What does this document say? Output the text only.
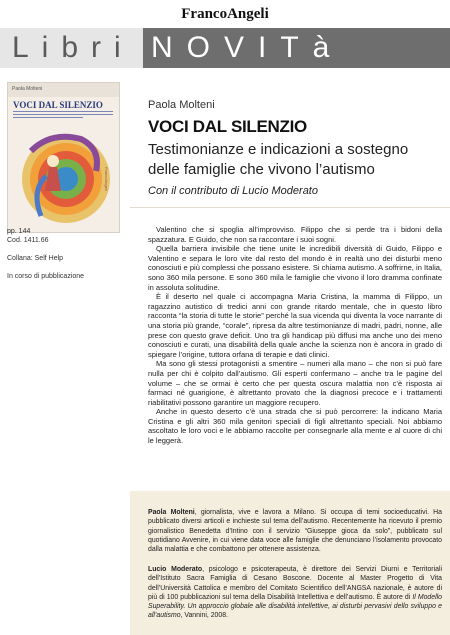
FrancoAngeli
Libri NOVITà
Paola Molteni
VOCI DAL SILENZIO
FrancoAngeli
Paola Molteni
VOCI DAL SILENZIO
Testimonianze e indicazioni a sostegno delle famiglie che vivono l’autismo
Con il contributo di Lucio Moderato
pp. 144
Cod. 1411.66
Collana: Self Help
In corso di pubblicazione

Valentino che si spoglia all’improvviso. Filippo che si perde tra i bidoni della spazzatura. E Guido, che non sa raccontare i suoi sogni.

Quella barriera invisibile che tiene unite le incredibili diversità di Guido, Filippo e Valentino e separa le loro vite dal resto del mondo è in realtà uno dei disturbi meno conosciuti e più complessi che possano esistere. Si chiama autismo. A soffrirne, in Italia, sono 360 mila persone. E sono 360 mila le famiglie che vivono il loro dramma confinate in assoluta solitudine.

È il deserto nel quale ci accompagna Maria Cristina, la mamma di Filippo, un ragazzino autistico di tredici anni con grande ritardo mentale, che in questo libro racconta “la storia di tutte le storie” perché la sua vicenda qui diventa la voce narrante di una storia più grande, “corale”, ripresa da altre testimonianze di madri, padri, nonne, alle prese con questo grave deficit. Uno tra gli handicap più diffusi ma anche uno dei meno conosciuti e curati, una disabilità della quale anche la scienza non è ancora in grado di spiegare l’origine, tuttora orfana di terapie e dati clinici.

Ma sono gli stessi protagonisti a smentire – numeri alla mano – che non si può fare nulla per chi è colpito dall’autismo. Gli esperti confermano – anche tra le pagine del volume – che se ormai è certo che per questa oscura malattia non c’è risposta ai farmaci né guarigione, è altrettanto provato che la diagnosi precoce e i trattamenti riabilitativi possono garantire un maggiore recupero.

Anche in questo deserto c’è una strada che si può percorrere: la indicano Maria Cristina e gli altri 360 mila genitori speciali di figli altrettanto speciali. Noi abbiamo ascoltato le loro voci e le abbiamo raccolte per consegnarle alla mente e al cuore di chi le leggerà.

Paola Molteni, giornalista, vive e lavora a Milano. Si occupa di temi socioeducativi. Ha pubblicato diversi articoli e inchieste sul tema dell’autismo. Recentemente ha ricevuto il premio giornalistico Benedetta d’Intino con il servizio “Giuseppe gioca da solo”, pubblicato sul quotidiano Avvenire, in cui viene data voce alle famiglie che denunciano l’isolamento provocato dalla malattia e che combattono per ottenere assistenza.
Lucio Moderato, psicologo e psicoterapeuta, è direttore dei Servizi Diurni e Territoriali dell’Istituto Sacra Famiglia di Cesano Boscone. Docente al Master Progetto di Vita dell’Università Cattolica e membro del Comitato Scientifico dell’ANGSA nazionale, è autore di più di 100 pubblicazioni sul tema della Disabilità Intellettiva e dell’autismo. È autore di Il Modello Superability. Un approccio globale alle disabilità intellettive, ai disturbi pervasivi dello sviluppo e all’autismo, Vannini, 2008.
